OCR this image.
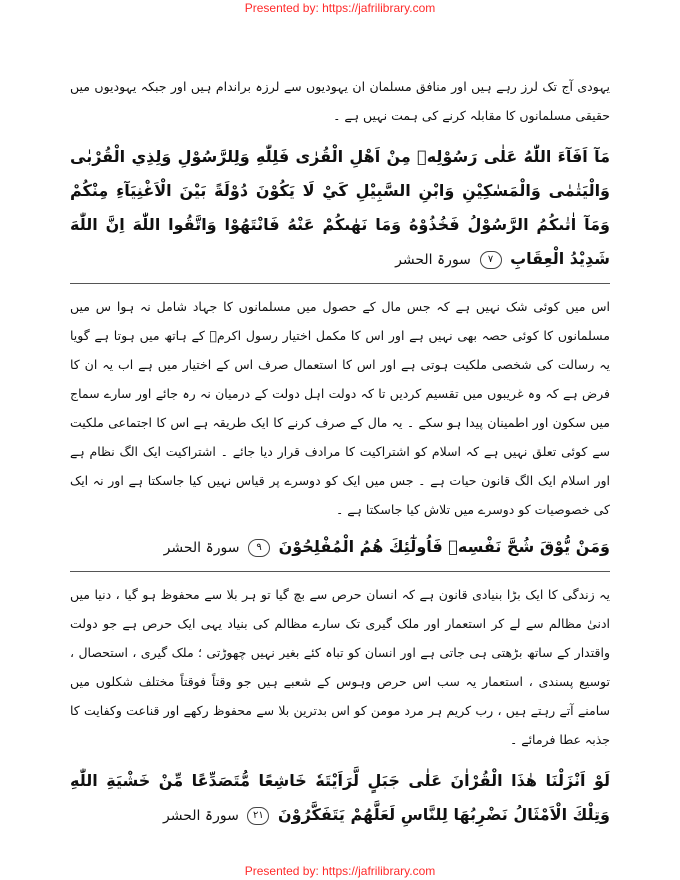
Presented by: https://jafrilibrary.com

یہودی آج تک لرز رہے ہیں اور منافق مسلمان ان یہودیوں سے لرزہ براندام ہیں اور جبکہ یہودیوں میں حقیقی مسلمانوں کا مقابلہ کرنے کی ہمت نہیں ہے ۔

مَآ اَفَآءَ اللّٰهُ عَلٰى رَسُوْلِهٖ مِنْ اَهْلِ الْقُرٰى فَلِلّٰهِ وَلِلرَّسُوْلِ وَلِذِي الْقُرْبٰى وَالْيَتٰمٰى وَالْمَسٰكِيْنِ وَابْنِ السَّبِيْلِ كَيْ لَا يَكُوْنَ دُوْلَةً بَيْنَ الْاَغْنِيَآءِ مِنْكُمْ وَمَآ اٰتٰىكُمُ الرَّسُوْلُ فَخُذُوْهُ وَمَا نَهٰىكُمْ عَنْهُ فَانْتَهُوْا وَاتَّقُوا اللّٰهَ اِنَّ اللّٰهَ شَدِيْدُ الْعِقَابِ ٧ سورۃ الحشر

اس میں کوئی شک نہیں ہے کہ جس مال کے حصول میں مسلمانوں کا جہاد شامل نہ ہوا س میں مسلمانوں کا کوئی حصہ بھی نہیں ہے اور اس کا مکمل اختیار رسول اکرمؐ کے ہاتھ میں ہوتا ہے گویا یہ رسالت کی شخصی ملکیت ہوتی ہے اور اس کا استعمال صرف اس کے اختیار میں ہے اب یہ ان کا فرض ہے کہ وہ غریبوں میں تقسیم کردیں تا کہ دولت اہل دولت کے درمیان نہ رہ جائے اور سارے سماج میں سکون اور اطمینان پیدا ہو سکے ۔ یہ مال کے صرف کرنے کا ایک طریقہ ہے اس کا اجتماعی ملکیت سے کوئی تعلق نہیں ہے کہ اسلام کو اشتراکیت کا مرادف قرار دیا جائے ۔ اشتراکیت ایک الگ نظام ہے اور اسلام ایک الگ قانون حیات ہے ۔ جس میں ایک کو دوسرے پر قیاس نہیں کیا جاسکتا ہے اور نہ ایک کی خصوصیات کو دوسرے میں تلاش کیا جاسکتا ہے ۔

وَمَنْ يُّوْقَ شُحَّ نَفْسِهٖ فَاُولٰٓئِكَ هُمُ الْمُفْلِحُوْنَ ٩ سورۃ الحشر

یہ زندگی کا ایک بڑا بنیادی قانون ہے کہ انسان حرص سے بچ گیا تو ہر بلا سے محفوظ ہو گیا ، دنیا میں ادنیٰ مظالم سے لے کر استعمار اور ملک گیری تک سارے مظالم کی بنیاد یہی ایک حرص ہے جو دولت واقتدار کے ساتھ بڑھتی ہی جاتی ہے اور انسان کو تباہ کئے بغیر نہیں چھوڑتی ؛ ملک گیری ، استحصال ، توسیع پسندی ، استعمار یہ سب اس حرص وہوس کے شعبے ہیں جو وقتاً فوقتاً مختلف شکلوں میں سامنے آتے رہتے ہیں ، رب کریم ہر مرد مومن کو اس بدترین بلا سے محفوظ رکھے اور قناعت وکفایت کا جذبہ عطا فرمائے ۔

لَوْ اَنْزَلْنَا هٰذَا الْقُرْاٰنَ عَلٰى جَبَلٍ لَّرَاَيْتَهٗ خَاشِعًا مُّتَصَدِّعًا مِّنْ خَشْيَةِ اللّٰهِ وَتِلْكَ الْاَمْثَالُ نَضْرِبُهَا لِلنَّاسِ لَعَلَّهُمْ يَتَفَكَّرُوْنَ ٢١ سورۃ الحشر

Presented by: https://jafrilibrary.com
